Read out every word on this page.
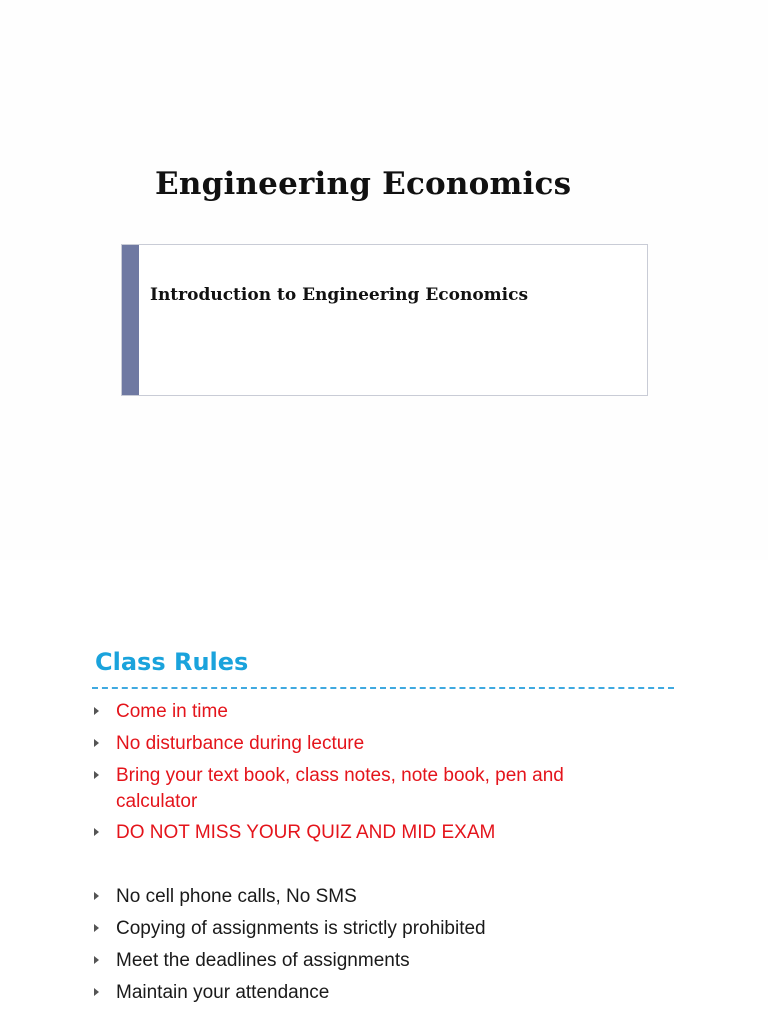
Engineering Economics
Introduction to Engineering Economics
Class Rules
Come in time
No disturbance during lecture
Bring your text book, class notes, note book, pen and
calculator
DO NOT MISS YOUR QUIZ AND MID EXAM
No cell phone calls, No SMS
Copying of assignments is strictly prohibited
Meet the deadlines of assignments
Maintain your attendance
